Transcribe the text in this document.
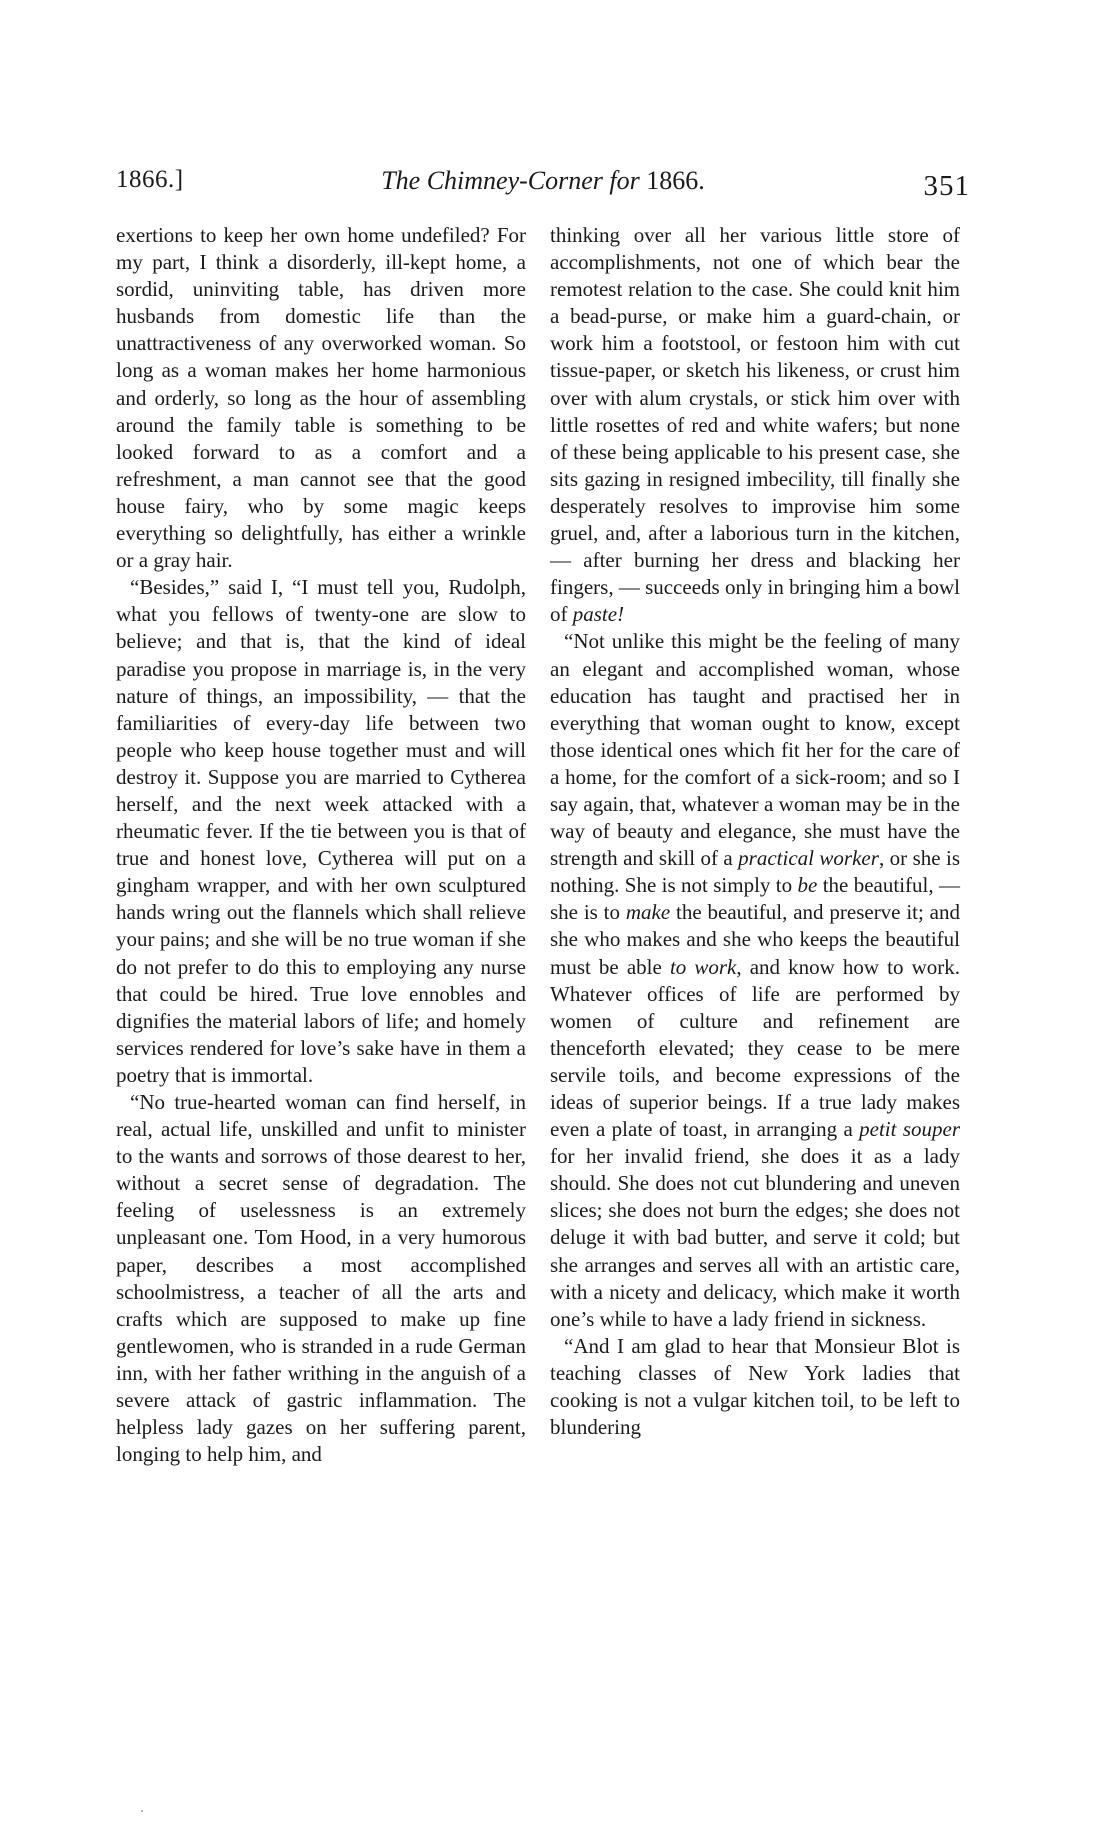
1866.]	The Chimney-Corner for 1866.	351

exertions to keep her own home undefiled? For my part, I think a disorderly, ill-kept home, a sordid, uninviting table, has driven more husbands from domestic life than the unattractiveness of any overworked woman. So long as a woman makes her home harmonious and orderly, so long as the hour of assembling around the family table is something to be looked forward to as a comfort and a refreshment, a man cannot see that the good house fairy, who by some magic keeps everything so delightfully, has either a wrinkle or a gray hair.

“Besides,” said I, “I must tell you, Rudolph, what you fellows of twenty-one are slow to believe; and that is, that the kind of ideal paradise you propose in marriage is, in the very nature of things, an impossibility, — that the familiarities of every-day life between two people who keep house together must and will destroy it. Suppose you are married to Cytherea herself, and the next week attacked with a rheumatic fever. If the tie between you is that of true and honest love, Cytherea will put on a gingham wrapper, and with her own sculptured hands wring out the flannels which shall relieve your pains; and she will be no true woman if she do not prefer to do this to employing any nurse that could be hired. True love ennobles and dignifies the material labors of life; and homely services rendered for love’s sake have in them a poetry that is immortal.

“No true-hearted woman can find herself, in real, actual life, unskilled and unfit to minister to the wants and sorrows of those dearest to her, without a secret sense of degradation. The feeling of uselessness is an extremely unpleasant one. Tom Hood, in a very humorous paper, describes a most accomplished schoolmistress, a teacher of all the arts and crafts which are supposed to make up fine gentlewomen, who is stranded in a rude German inn, with her father writhing in the anguish of a severe attack of gastric inflammation. The helpless lady gazes on her suffering parent, longing to help him, and

thinking over all her various little store of accomplishments, not one of which bear the remotest relation to the case. She could knit him a bead-purse, or make him a guard-chain, or work him a footstool, or festoon him with cut tissue-paper, or sketch his likeness, or crust him over with alum crystals, or stick him over with little rosettes of red and white wafers; but none of these being applicable to his present case, she sits gazing in resigned imbecility, till finally she desperately resolves to improvise him some gruel, and, after a laborious turn in the kitchen, — after burning her dress and blacking her fingers, — succeeds only in bringing him a bowl of paste!

“Not unlike this might be the feeling of many an elegant and accomplished woman, whose education has taught and practised her in everything that woman ought to know, except those identical ones which fit her for the care of a home, for the comfort of a sick-room; and so I say again, that, whatever a woman may be in the way of beauty and elegance, she must have the strength and skill of a practical worker, or she is nothing. She is not simply to be the beautiful, — she is to make the beautiful, and preserve it; and she who makes and she who keeps the beautiful must be able to work, and know how to work. Whatever offices of life are performed by women of culture and refinement are thenceforth elevated; they cease to be mere servile toils, and become expressions of the ideas of superior beings. If a true lady makes even a plate of toast, in arranging a petit souper for her invalid friend, she does it as a lady should. She does not cut blundering and uneven slices; she does not burn the edges; she does not deluge it with bad butter, and serve it cold; but she arranges and serves all with an artistic care, with a nicety and delicacy, which make it worth one’s while to have a lady friend in sickness.

“And I am glad to hear that Monsieur Blot is teaching classes of New York ladies that cooking is not a vulgar kitchen toil, to be left to blundering
